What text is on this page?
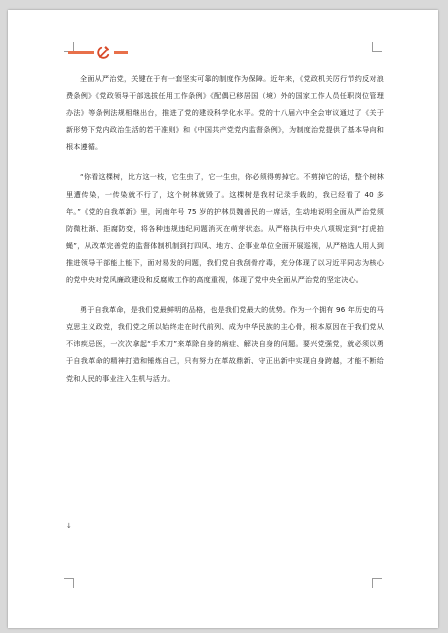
全面从严治党，关键在于有一套坚实可靠的制度作为保障。近年来，《党政机关厉行节约反对浪费条例》《党政领导干部选拔任用工作条例》《配偶已移居国（境）外的国家工作人员任职岗位管理办法》等条例法规相继出台，推进了党的建设科学化水平。党的十八届六中全会审议通过了《关于新形势下党内政治生活的若干准则》和《中国共产党党内监督条例》，为制度治党提供了基本导向和根本遵循。

“你看这棵树，比方这一枝，它生虫了，它一生虫，你必须得剪掉它。不剪掉它的话，整个树林里遭传染，一传染就不行了，这个树林就毁了。这棵树是我村记录手栽的，我已经看了 40 多年。”《党的自我革新》里，河南年号 75 岁的护林员魏善民的一席话，生动地说明全面从严治党须防微杜渐、拒腐防变，将各种违规违纪问题消灭在萌芽状态。从严格执行中央八项规定到“打虎拍蝇”，从改革完善党的监督体制机制到打四风、地方、企事业单位全面开展巡视，从严格选人用人到推进领导干部能上能下，面对易发的问题，我们党自我刮骨疗毒，充分体现了以习近平同志为核心的党中央对党风廉政建设和反腐败工作的高度重视，体现了党中央全面从严治党的坚定决心。

勇于自我革命，是我们党最鲜明的品格，也是我们党最大的优势。作为一个拥有 96 年历史的马克思主义政党，我们党之所以始终走在时代前列、成为中华民族的主心骨，根本原因在于我们党从不讳疾忌医，一次次拿起“手术刀”来革除自身的病症、解决自身的问题。要兴党强党，就必须以勇于自我革命的精神打造和锤炼自己，只有努力在革故鼎新、守正出新中实现自身跨越，才能不断给党和人民的事业注入生机与活力。

↓
